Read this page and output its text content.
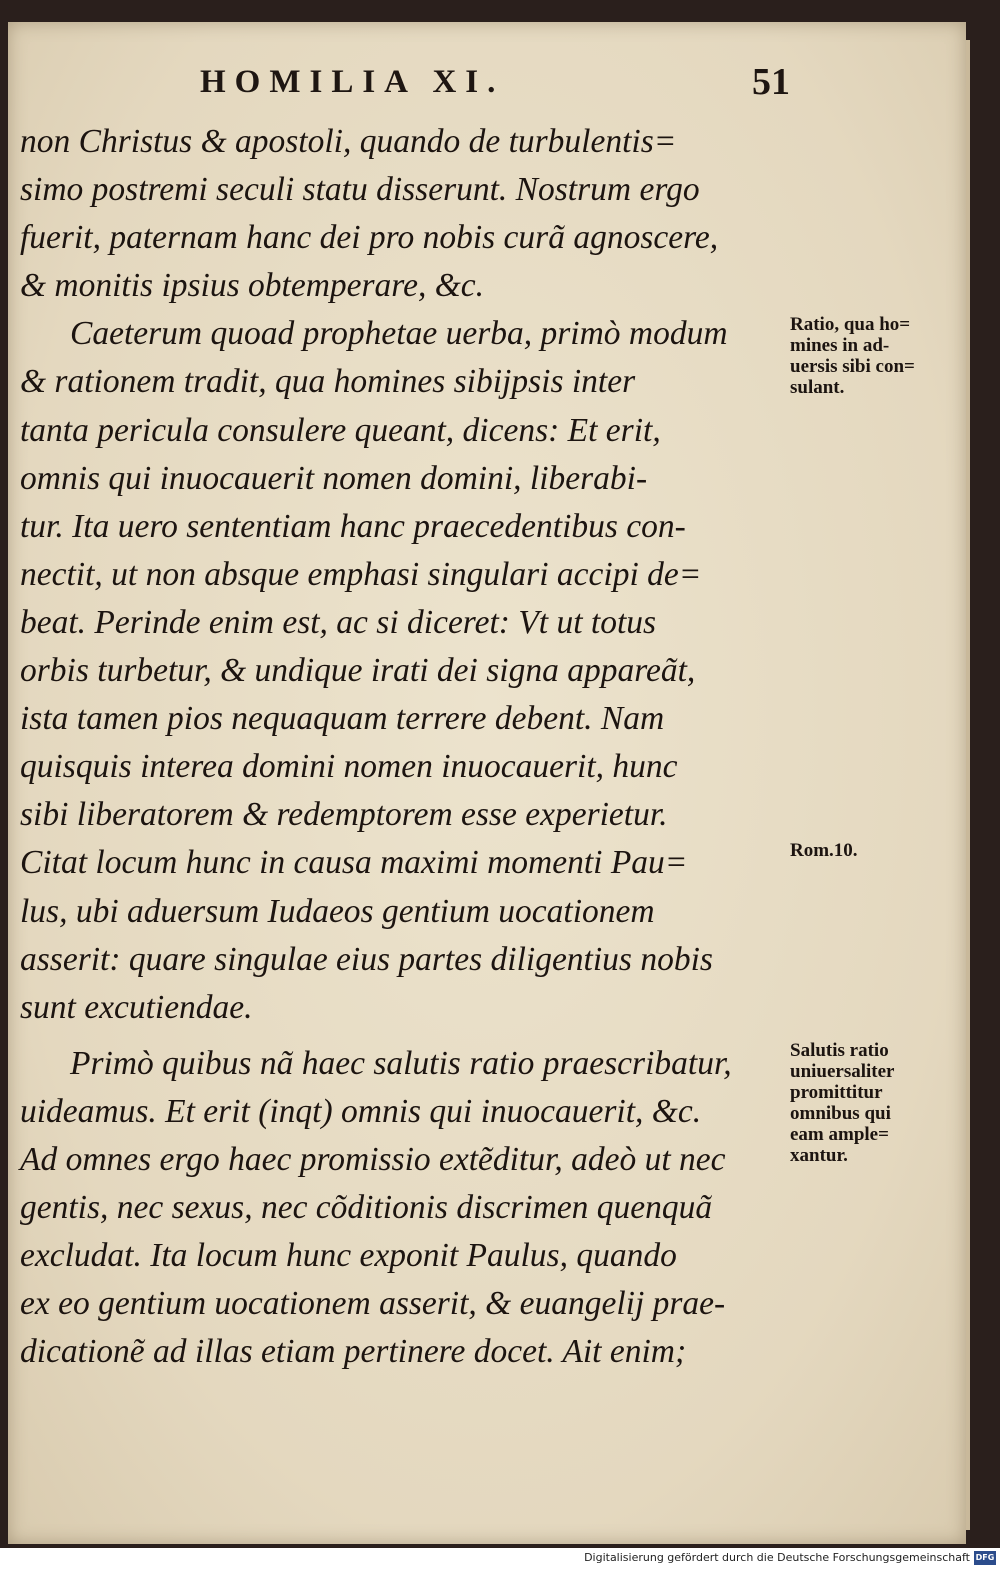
HOMILIA XI.	51
non Christus & apostoli, quando de turbulentis=
simo postremi seculi statu disserunt. Nostrum ergo
fuerit, paternam hanc dei pro nobis curã agnoscere,
& monitis ipsius obtemperare, &c.
Caeterum quoad prophetae uerba, primò modum
& rationem tradit, qua homines sibijpsis inter
tanta pericula consulere queant, dicens: Et erit,
omnis qui inuocauerit nomen domini, liberabi-
tur. Ita uero sententiam hanc praecedentibus con-
nectit, ut non absque emphasi singulari accipi de=
beat. Perinde enim est, ac si diceret: Vt ut totus
orbis turbetur, & undique irati dei signa appareãt,
ista tamen pios nequaquam terrere debent. Nam
quisquis interea domini nomen inuocauerit, hunc
sibi liberatorem & redemptorem esse experietur.
Citat locum hunc in causa maximi momenti Pau=
lus, ubi aduersum Iudaeos gentium uocationem
asserit: quare singulae eius partes diligentius nobis
sunt excutiendae.
Primò quibus nã haec salutis ratio praescribatur,
uideamus. Et erit (inqt) omnis qui inuocauerit, &c.
Ad omnes ergo haec promissio extẽditur, adeò ut nec
gentis, nec sexus, nec cõditionis discrimen quenquã
excludat. Ita locum hunc exponit Paulus, quando
ex eo gentium uocationem asserit, & euangelij prae-
dicationẽ ad illas etiam pertinere docet. Ait enim;
Ratio, qua ho=
mines in ad-
uersis sibi con=
sulant.
Rom.10.
Salutis ratio
uniuersaliter
promittitur
omnibus qui
eam ample=
xantur.
Digitalisierung gefördert durch die Deutsche Forschungsgemeinschaft DFG
